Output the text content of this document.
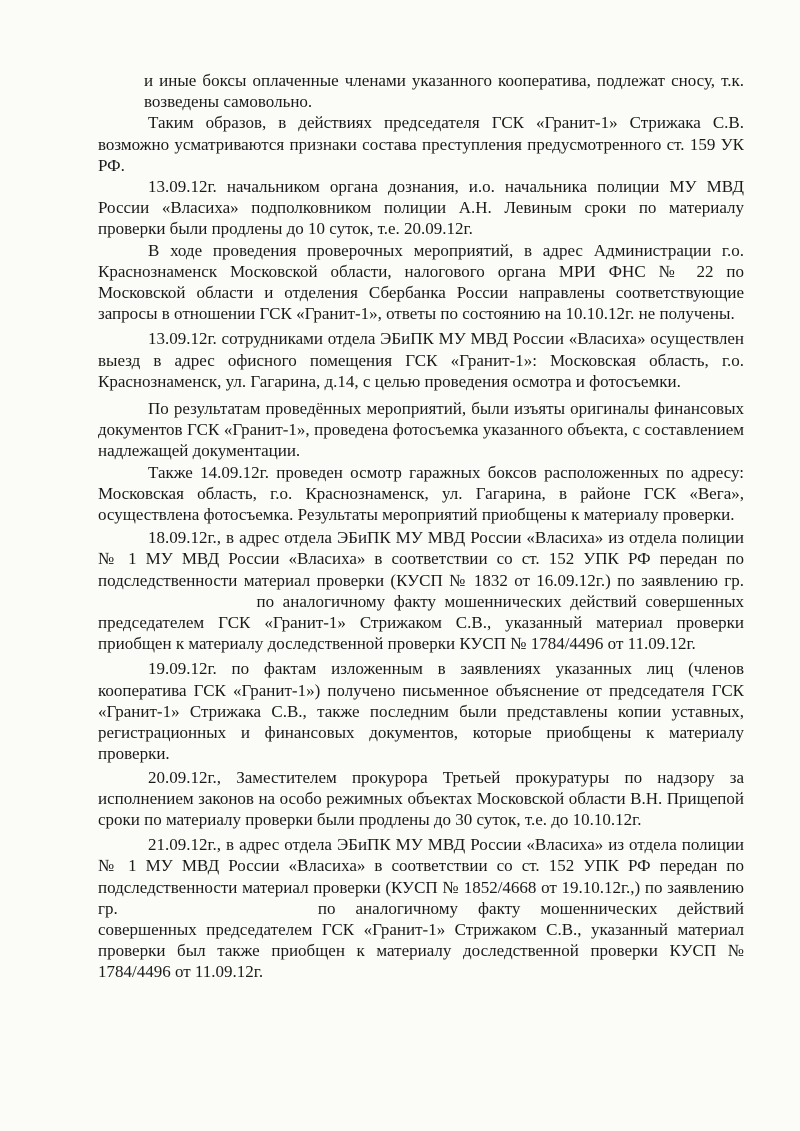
и иные боксы оплаченные членами указанного кооператива, подлежат сносу, т.к. возведены самовольно.

Таким образов, в действиях председателя ГСК «Гранит-1» Стрижака С.В. возможно усматриваются признаки состава преступления предусмотренного ст. 159 УК РФ.

13.09.12г. начальником органа дознания, и.о. начальника полиции МУ МВД России «Власиха» подполковником полиции А.Н. Левиным сроки по материалу проверки были продлены до 10 суток, т.е. 20.09.12г.

В ходе проведения проверочных мероприятий, в адрес Администрации г.о. Краснознаменск Московской области, налогового органа МРИ ФНС № 22 по Московской области и отделения Сбербанка России направлены соответствующие запросы в отношении ГСК «Гранит-1», ответы по состоянию на 10.10.12г. не получены.

13.09.12г. сотрудниками отдела ЭБиПК МУ МВД России «Власиха» осуществлен выезд в адрес офисного помещения ГСК «Гранит-1»: Московская область, г.о. Краснознаменск, ул. Гагарина, д.14, с целью проведения осмотра и фотосъемки.

По результатам проведённых мероприятий, были изъяты оригиналы финансовых документов ГСК «Гранит-1», проведена фотосъемка указанного объекта, с составлением надлежащей документации.

Также 14.09.12г. проведен осмотр гаражных боксов расположенных по адресу: Московская область, г.о. Краснознаменск, ул. Гагарина, в районе ГСК «Вега», осуществлена фотосъемка. Результаты мероприятий приобщены к материалу проверки.

18.09.12г., в адрес отдела ЭБиПК МУ МВД России «Власиха» из отдела полиции № 1 МУ МВД России «Власиха» в соответствии со ст. 152 УПК РФ передан по подследственности материал проверки (КУСП № 1832 от 16.09.12г.) по заявлению гр.  по аналогичному факту мошеннических действий совершенных председателем ГСК «Гранит-1» Стрижаком С.В., указанный материал проверки приобщен к материалу доследственной проверки КУСП № 1784/4496 от 11.09.12г.

19.09.12г. по фактам изложенным в заявлениях указанных лиц (членов кооператива ГСК «Гранит-1») получено письменное объяснение от председателя ГСК «Гранит-1» Стрижака С.В., также последним были представлены копии уставных, регистрационных и финансовых документов, которые приобщены к материалу проверки.

20.09.12г., Заместителем прокурора Третьей прокуратуры по надзору за исполнением законов на особо режимных объектах Московской области В.Н. Прищепой сроки по материалу проверки были продлены до 30 суток, т.е. до 10.10.12г.

21.09.12г., в адрес отдела ЭБиПК МУ МВД России «Власиха» из отдела полиции № 1 МУ МВД России «Власиха» в соответствии со ст. 152 УПК РФ передан по подследственности материал проверки (КУСП № 1852/4668 от 19.10.12г.,) по заявлению гр.	по аналогичному факту мошеннических действий совершенных председателем ГСК «Гранит-1» Стрижаком С.В., указанный материал проверки был также приобщен к материалу доследственной проверки КУСП № 1784/4496 от 11.09.12г.
